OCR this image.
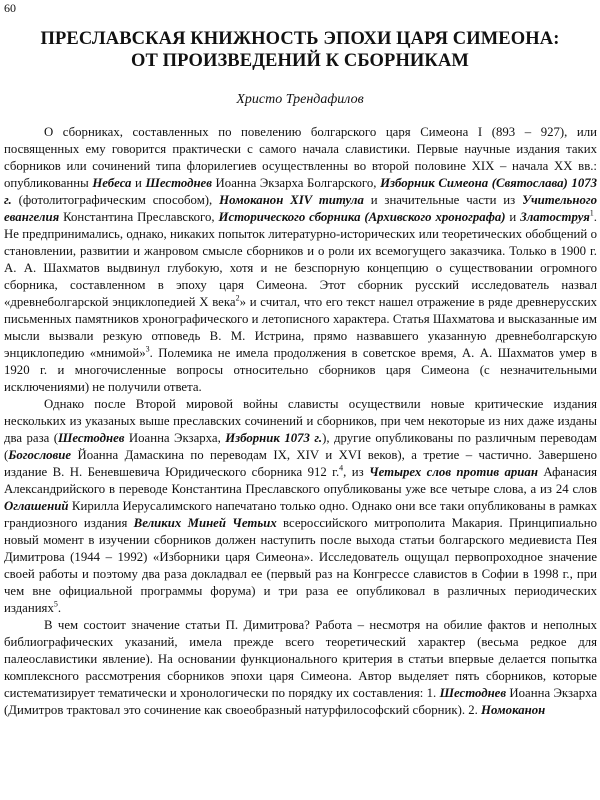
60
ПРЕСЛАВСКАЯ КНИЖНОСТЬ ЭПОХИ ЦАРЯ СИМЕОНА:
ОТ ПРОИЗВЕДЕНИЙ К СБОРНИКАМ
Христо Трендафилов

О сборниках, составленных по повелению болгарского царя Симеона I (893 – 927), или посвященных ему говорится практически с самого начала славистики. Первые научные издания таких сборников или сочинений типа флорилегиев осуществленны во второй половине XIX – начала XX вв.: опубликованны Небеса и Шестоднев Иоанна Экзарха Болгарского, Изборник Симеона (Святослава) 1073 г. (фотолитографическим способом), Номоканон XIV титула и значительные части из Учительного евангелия Константина Преславского, Исторического сборника (Архивского хронографа) и Златоструя$^1$. Не предпринимались, однако, никаких попыток литературно-исторических или теоретических обобщений о становлении, развитии и жанровом смысле сборников и о роли их всемогущего заказчика. Только в 1900 г. А. А. Шахматов выдвинул глубокую, хотя и не безспорную концепцию о существовании огромного сборника, составленном в эпоху царя Симеона. Этот сборник русский исследователь назвал «древнеболгарской энциклопедией X века$^2$» и считал, что его текст нашел отражение в ряде древнерусских письменных памятников хронографического и летописного характера. Статья Шахматова и высказанные им мысли вызвали резкую отповедь В. М. Истрина, прямо назвавшего указанную древнеболгарскую энциклопедию «мнимой»$^3$. Полемика не имела продолжения в советское время, А. А. Шахматов умер в 1920 г. и многочисленные вопросы относительно сборников царя Симеона (с незначительными исключениями) не получили ответа.

Однако после Второй мировой войны слависты осуществили новые критические издания нескольких из указаных выше преславских сочинений и сборников, при чем некоторые из них даже изданы два раза (Шестоднев Иоанна Экзарха, Изборник 1073 г.), другие опубликованы по различным переводам (Богословие Йоанна Дамаскина по переводам IX, XIV и XVI веков), а третие – частично. Завершено издание В. Н. Беневшевича Юридического сборника 912 г.$^4$, из Четырех слов против ариан Афанасия Александрийского в переводе Константина Преславского опубликованы уже все четыре слова, а из 24 слов Оглашений Кирилла Иерусалимского напечатано только одно. Однако они все таки опубликованы в рамках грандиозного издания Великих Миней Четьих всероссийского митрополита Макария. Принципиально новый момент в изучении сборников должен наступить после выхода статьи болгарского медиевиста Пея Димитрова (1944 – 1992) «Изборники царя Симеона». Исследователь ощущал первопроходное значение своей работы и поэтому два раза докладвал ее (первый раз на Конгрессе славистов в Софии в 1998 г., при чем вне официальной программы форума) и три раза ее опубликовал в различных периодических изданиях$^5$.

В чем состоит значение статьи П. Димитрова? Работа – несмотря на обилие фактов и неполных библиографических указаний, имела прежде всего теоретический характер (весьма редкое для палеославистики явление). На основании функционального критерия в статьи впервые делается попытка комплексного рассмотрения сборников эпохи царя Симеона. Автор выделяет пять сборников, которые систематизирует тематически и хронологически по порядку их составления: 1. Шестоднев Иоанна Экзарха (Димитров трактовал это сочинение как своеобразный натурфилософский сборник). 2. Номоканон
